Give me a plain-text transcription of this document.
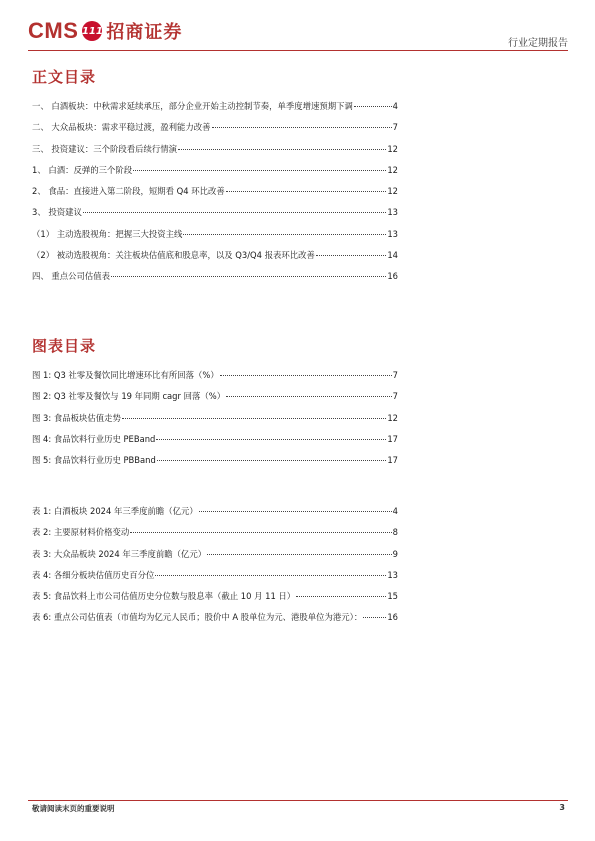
CMS 111 招商证券
行业定期报告
正文目录
一、 白酒板块：中秋需求延续承压，部分企业开始主动控制节奏，单季度增速预期下调	4
二、 大众品板块：需求平稳过渡，盈利能力改善	7
三、 投资建议：三个阶段看后续行情演	12
1、 白酒：反弹的三个阶段	12
2、 食品：直接进入第二阶段，短期看 Q4 环比改善	12
3、 投资建议	13
（1） 主动选股视角：把握三大投资主线	13
（2） 被动选股视角：关注板块估值底和股息率，以及 Q3/Q4 报表环比改善	14
四、 重点公司估值表	16
图表目录
图 1: Q3 社零及餐饮同比增速环比有所回落（%）	7
图 2: Q3 社零及餐饮与 19 年同期 cagr 回落（%）	7
图 3: 食品板块估值走势	12
图 4: 食品饮料行业历史 PEBand	17
图 5: 食品饮料行业历史 PBBand	17
表 1: 白酒板块 2024 年三季度前瞻（亿元）	4
表 2: 主要原材料价格变动	8
表 3: 大众品板块 2024 年三季度前瞻（亿元）	9
表 4: 各细分板块估值历史百分位	13
表 5: 食品饮料上市公司估值历史分位数与股息率（截止 10 月 11 日）	15
表 6: 重点公司估值表（市值均为亿元人民币；股价中 A 股单位为元、港股单位为港元）：	16
敬请阅读末页的重要说明	3
